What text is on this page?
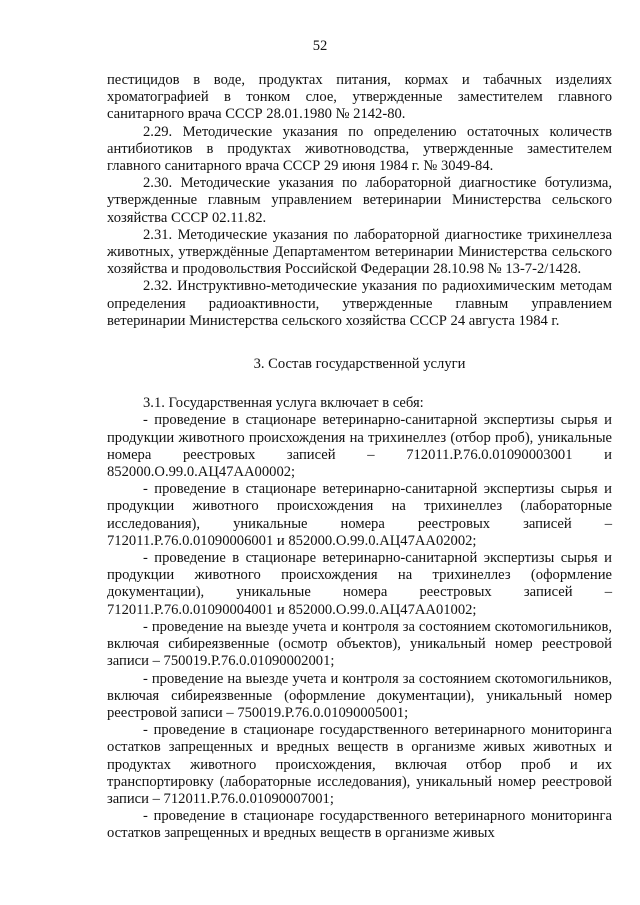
52

пестицидов в воде, продуктах питания, кормах и табачных изделиях хроматографией в тонком слое, утвержденные заместителем главного санитарного врача СССР 28.01.1980 № 2142-80.

2.29. Методические указания по определению остаточных количеств антибиотиков в продуктах животноводства, утвержденные заместителем главного санитарного врача СССР 29 июня 1984 г. № 3049-84.

2.30. Методические указания по лабораторной диагностике ботулизма, утвержденные главным управлением ветеринарии Министерства сельского хозяйства СССР 02.11.82.

2.31. Методические указания по лабораторной диагностике трихинеллеза животных, утверждённые Департаментом ветеринарии Министерства сельского хозяйства и продовольствия Российской Федерации 28.10.98 № 13-7-2/1428.

2.32. Инструктивно-методические указания по радиохимическим методам определения радиоактивности, утвержденные главным управлением ветеринарии Министерства сельского хозяйства СССР 24 августа 1984 г.

3. Состав государственной услуги

3.1. Государственная услуга включает в себя:

- проведение в стационаре ветеринарно-санитарной экспертизы сырья и продукции животного происхождения на трихинеллез (отбор проб), уникальные номера реестровых записей – 712011.Р.76.0.01090003001 и 852000.О.99.0.АЦ47АА00002;

- проведение в стационаре ветеринарно-санитарной экспертизы сырья и продукции животного происхождения на трихинеллез (лабораторные исследования), уникальные номера реестровых записей – 712011.Р.76.0.01090006001 и 852000.О.99.0.АЦ47АА02002;

- проведение в стационаре ветеринарно-санитарной экспертизы сырья и продукции животного происхождения на трихинеллез (оформление документации), уникальные номера реестровых записей – 712011.Р.76.0.01090004001 и 852000.О.99.0.АЦ47АА01002;

- проведение на выезде учета и контроля за состоянием скотомогильников, включая сибиреязвенные (осмотр объектов), уникальный номер реестровой записи – 750019.Р.76.0.01090002001;

- проведение на выезде учета и контроля за состоянием скотомогильников, включая сибиреязвенные (оформление документации), уникальный номер реестровой записи – 750019.Р.76.0.01090005001;

- проведение в стационаре государственного ветеринарного мониторинга остатков запрещенных и вредных веществ в организме живых животных и продуктах животного происхождения, включая отбор проб и их транспортировку (лабораторные исследования), уникальный номер реестровой записи – 712011.Р.76.0.01090007001;

- проведение в стационаре государственного ветеринарного мониторинга остатков запрещенных и вредных веществ в организме живых
